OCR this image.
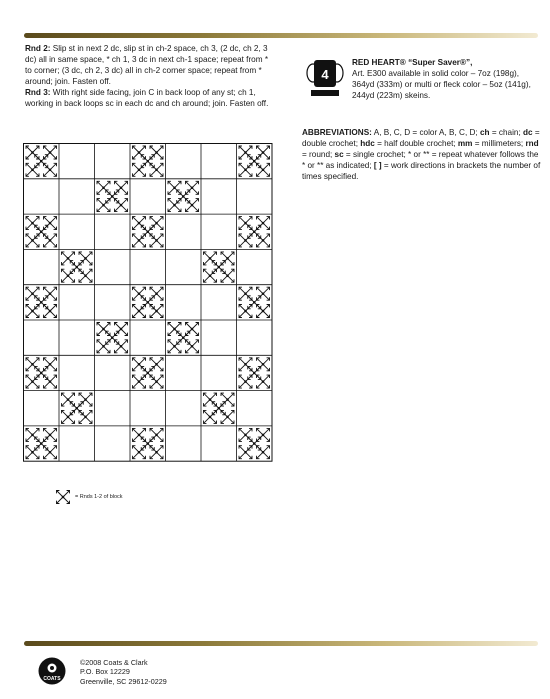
Rnd 2: Slip st in next 2 dc, slip st in ch-2 space, ch 3, (2 dc, ch 2, 3 dc) all in same space, * ch 1, 3 dc in next ch-1 space; repeat from * to corner; (3 dc, ch 2, 3 dc) all in ch-2 corner space; repeat from * around; join. Fasten off.

Rnd 3: With right side facing, join C in back loop of any st; ch 1, working in back loops sc in each dc and ch around; join. Fasten off.

4
RED HEART® “Super Saver®”,
Art. E300 available in solid color – 7oz (198g), 364yd (333m) or multi or fleck color – 5oz (141g), 244yd (223m) skeins.
ABBREVIATIONS: A, B, C, D = color A, B, C, D; ch = chain; dc = double crochet; hdc = half double crochet; mm = millimeters; rnd = round; sc = single crochet; * or ** = repeat whatever follows the * or ** as indicated; [ ] = work directions in brackets the number of times specified.
= Rnds 1-2 of block
COATS
©2008 Coats & Clark
P.O. Box 12229
Greenville, SC 29612-0229
